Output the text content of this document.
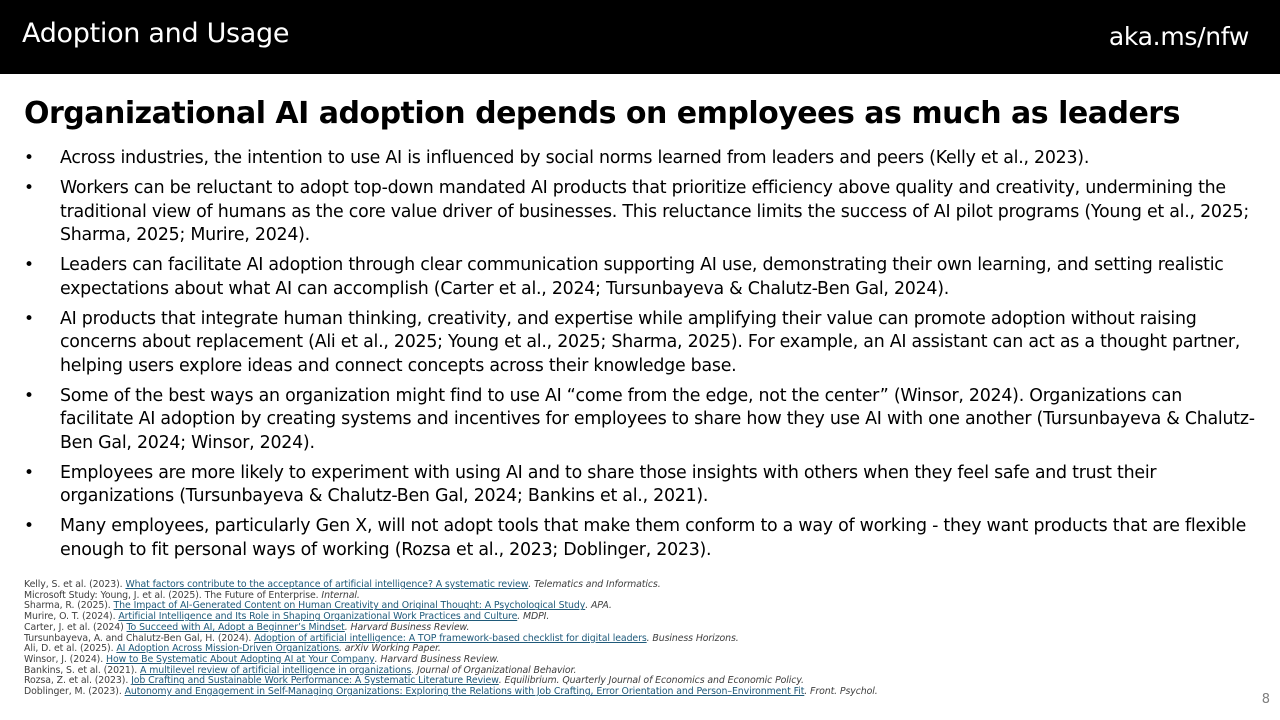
Adoption and Usage	aka.ms/nfw
Organizational AI adoption depends on employees as much as leaders
•	Across industries, the intention to use AI is influenced by social norms learned from leaders and peers (Kelly et al., 2023).
•	Workers can be reluctant to adopt top-down mandated AI products that prioritize efficiency above quality and creativity, undermining the traditional view of humans as the core value driver of businesses. This reluctance limits the success of AI pilot programs (Young et al., 2025; Sharma, 2025; Murire, 2024).
•	Leaders can facilitate AI adoption through clear communication supporting AI use, demonstrating their own learning, and setting realistic expectations about what AI can accomplish (Carter et al., 2024; Tursunbayeva & Chalutz-Ben Gal, 2024).
•	AI products that integrate human thinking, creativity, and expertise while amplifying their value can promote adoption without raising concerns about replacement (Ali et al., 2025; Young et al., 2025; Sharma, 2025). For example, an AI assistant can act as a thought partner, helping users explore ideas and connect concepts across their knowledge base.
•	Some of the best ways an organization might find to use AI “come from the edge, not the center” (Winsor, 2024). Organizations can facilitate AI adoption by creating systems and incentives for employees to share how they use AI with one another (Tursunbayeva & Chalutz-Ben Gal, 2024; Winsor, 2024).
•	Employees are more likely to experiment with using AI and to share those insights with others when they feel safe and trust their organizations (Tursunbayeva & Chalutz-Ben Gal, 2024; Bankins et al., 2021).
•	Many employees, particularly Gen X, will not adopt tools that make them conform to a way of working - they want products that are flexible enough to fit personal ways of working (Rozsa et al., 2023; Doblinger, 2023).
Kelly, S. et al. (2023). What factors contribute to the acceptance of artificial intelligence? A systematic review. Telematics and Informatics.
Microsoft Study: Young, J. et al. (2025). The Future of Enterprise. Internal.
Sharma, R. (2025). The Impact of AI-Generated Content on Human Creativity and Original Thought: A Psychological Study. APA.
Murire, O. T. (2024). Artificial Intelligence and Its Role in Shaping Organizational Work Practices and Culture. MDPI.
Carter, J. et al. (2024) To Succeed with AI, Adopt a Beginner’s Mindset. Harvard Business Review.
Tursunbayeva, A. and Chalutz-Ben Gal, H. (2024). Adoption of artificial intelligence: A TOP framework-based checklist for digital leaders. Business Horizons.
Ali, D. et al. (2025). AI Adoption Across Mission-Driven Organizations. arXiv Working Paper.
Winsor, J. (2024). How to Be Systematic About Adopting AI at Your Company. Harvard Business Review.
Bankins, S. et al. (2021). A multilevel review of artificial intelligence in organizations. Journal of Organizational Behavior.
Rozsa, Z. et al. (2023). Job Crafting and Sustainable Work Performance: A Systematic Literature Review. Equilibrium. Quarterly Journal of Economics and Economic Policy.
Doblinger, M. (2023). Autonomy and Engagement in Self-Managing Organizations: Exploring the Relations with Job Crafting, Error Orientation and Person–Environment Fit. Front. Psychol.
8
